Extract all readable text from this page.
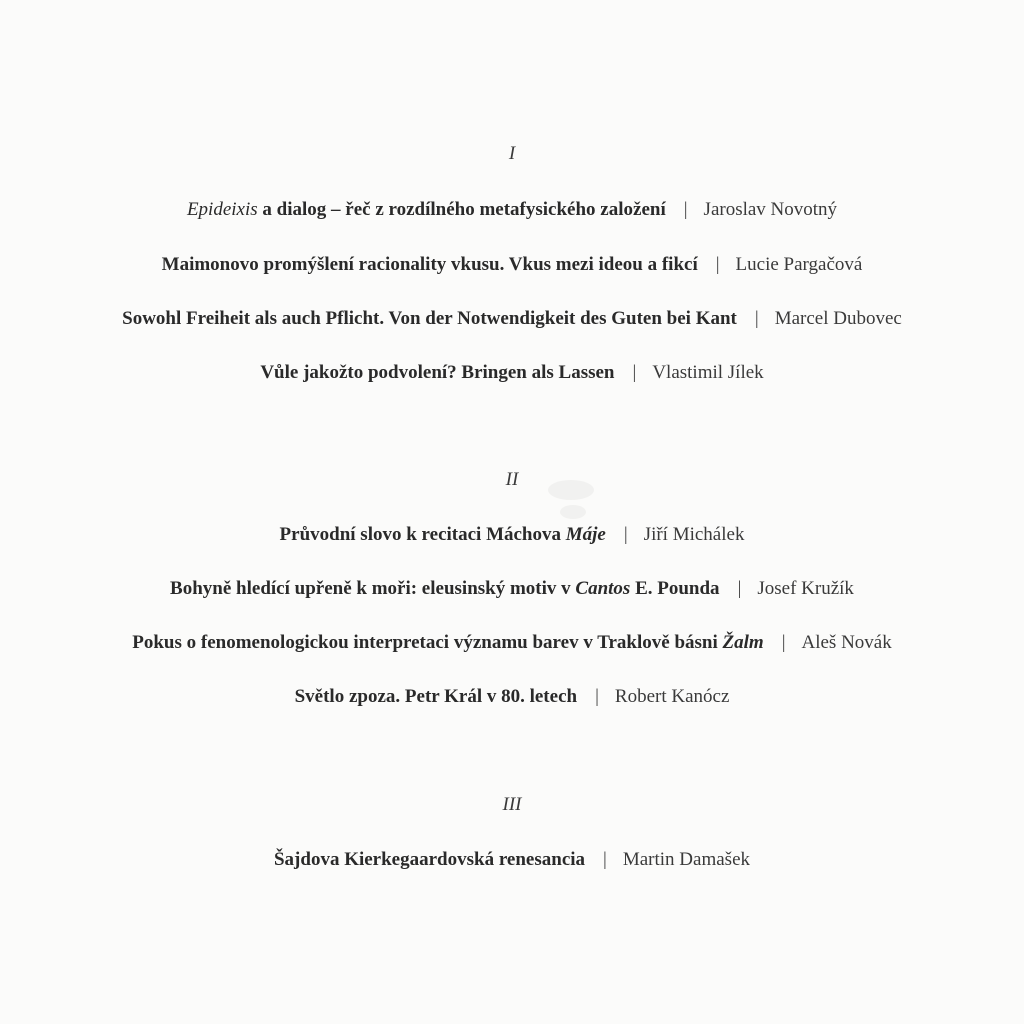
I
Epideixis a dialog – řeč z rozdílného metafysického založení | Jaroslav Novotný
Maimonovo promýšlení racionality vkusu. Vkus mezi ideou a fikcí | Lucie Pargačová
Sowohl Freiheit als auch Pflicht. Von der Notwendigkeit des Guten bei Kant | Marcel Dubovec
Vůle jakožto podvolení? Bringen als Lassen | Vlastimil Jílek
II
Průvodní slovo k recitaci Máchova Máje | Jiří Michálek
Bohyně hledící upřeně k moři: eleusinský motiv v Cantos E. Pounda | Josef Kružík
Pokus o fenomenologickou interpretaci významu barev v Traklově básni Žalm | Aleš Novák
Světlo zpoza. Petr Král v 80. letech | Robert Kanócz
III
Šajdova Kierkegaardovská renesancia | Martin Damašek
